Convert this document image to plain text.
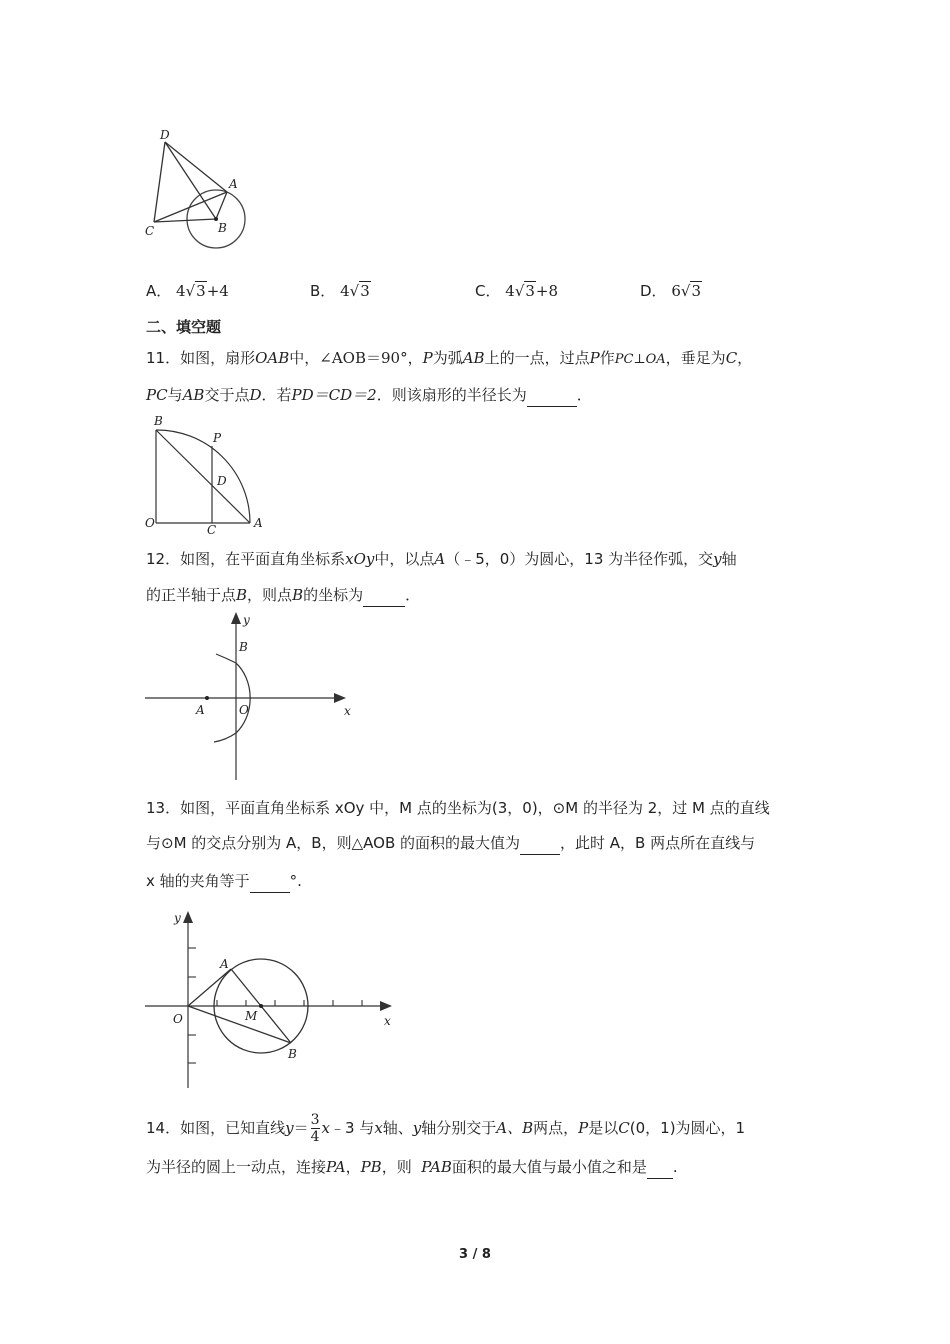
D
A
C	B
A． 4√3+4	B． 4√3	C． 4√3+8	D． 6√3
二、填空题
11．如图，扇形OAB中，∠AOB＝90°，P为弧AB上的一点，过点P作PC⊥OA，垂足为C，
PC与AB交于点D．若PD＝CD＝2．则该扇形的半径长为	．
B
P
D
O	C	A
12．如图，在平面直角坐标系xOy中，以点A（﹣5，0）为圆心，13 为半径作弧，交y轴
的正半轴于点B，则点B的坐标为	．
y
B
A	O	x
13．如图，平面直角坐标系 xOy 中，M 点的坐标为(3，0)，⊙M 的半径为 2，过 M 点的直线
与⊙M 的交点分别为 A，B，则△AOB 的面积的最大值为	，此时 A，B 两点所在直线与
x 轴的夹角等于	°.
y
A
O	M	x
B
14．如图，已知直线$y= \frac{3}{4}$ x﹣3 与x轴、y轴分别交于A、B两点，P是以C(0，1)为圆心，1
为半径的圆上一动点，连接PA，PB，则 PAB面积的最大值与最小值之和是 .
3 / 8
